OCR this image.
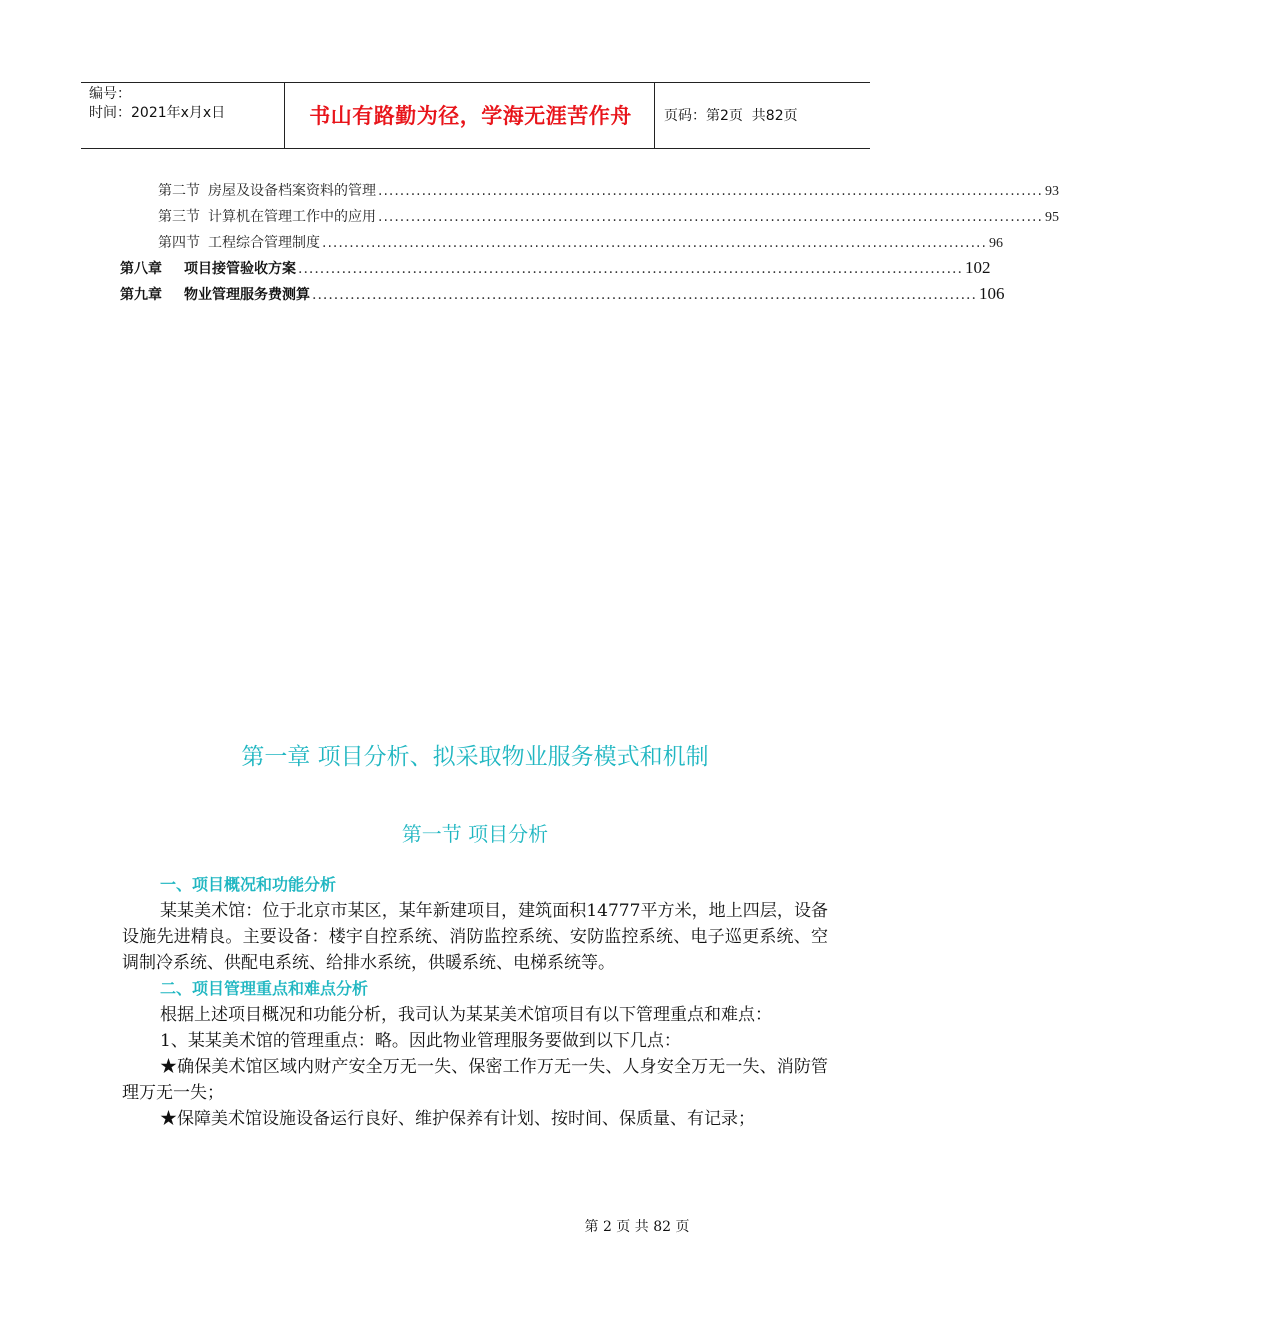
编号：
时间：2021年x月x日	书山有路勤为径，学海无涯苦作舟	页码：第2页  共82页
第二节 房屋及设备档案资料的管理 .......................................................................................................................... 93
第三节 计算机在管理工作中的应用 .......................................................................................................................... 95
第四节 工程综合管理制度 .......................................................................................................................... 96
第八章 项目接管验收方案 .......................................................................................................................... 102
第九章 物业管理服务费测算 .......................................................................................................................... 106
第一章 项目分析、拟采取物业服务模式和机制
第一节 项目分析
一、项目概况和功能分析

某某美术馆：位于北京市某区，某年新建项目，建筑面积14777平方米，地上四层，设备设施先进精良。主要设备：楼宇自控系统、消防监控系统、安防监控系统、电子巡更系统、空调制冷系统、供配电系统、给排水系统，供暖系统、电梯系统等。

二、项目管理重点和难点分析

根据上述项目概况和功能分析，我司认为某某美术馆项目有以下管理重点和难点：

1、某某美术馆的管理重点：略。因此物业管理服务要做到以下几点：

★确保美术馆区域内财产安全万无一失、保密工作万无一失、人身安全万无一失、消防管理万无一失；

★保障美术馆设施设备运行良好、维护保养有计划、按时间、保质量、有记录；

第 2 页 共 82 页
